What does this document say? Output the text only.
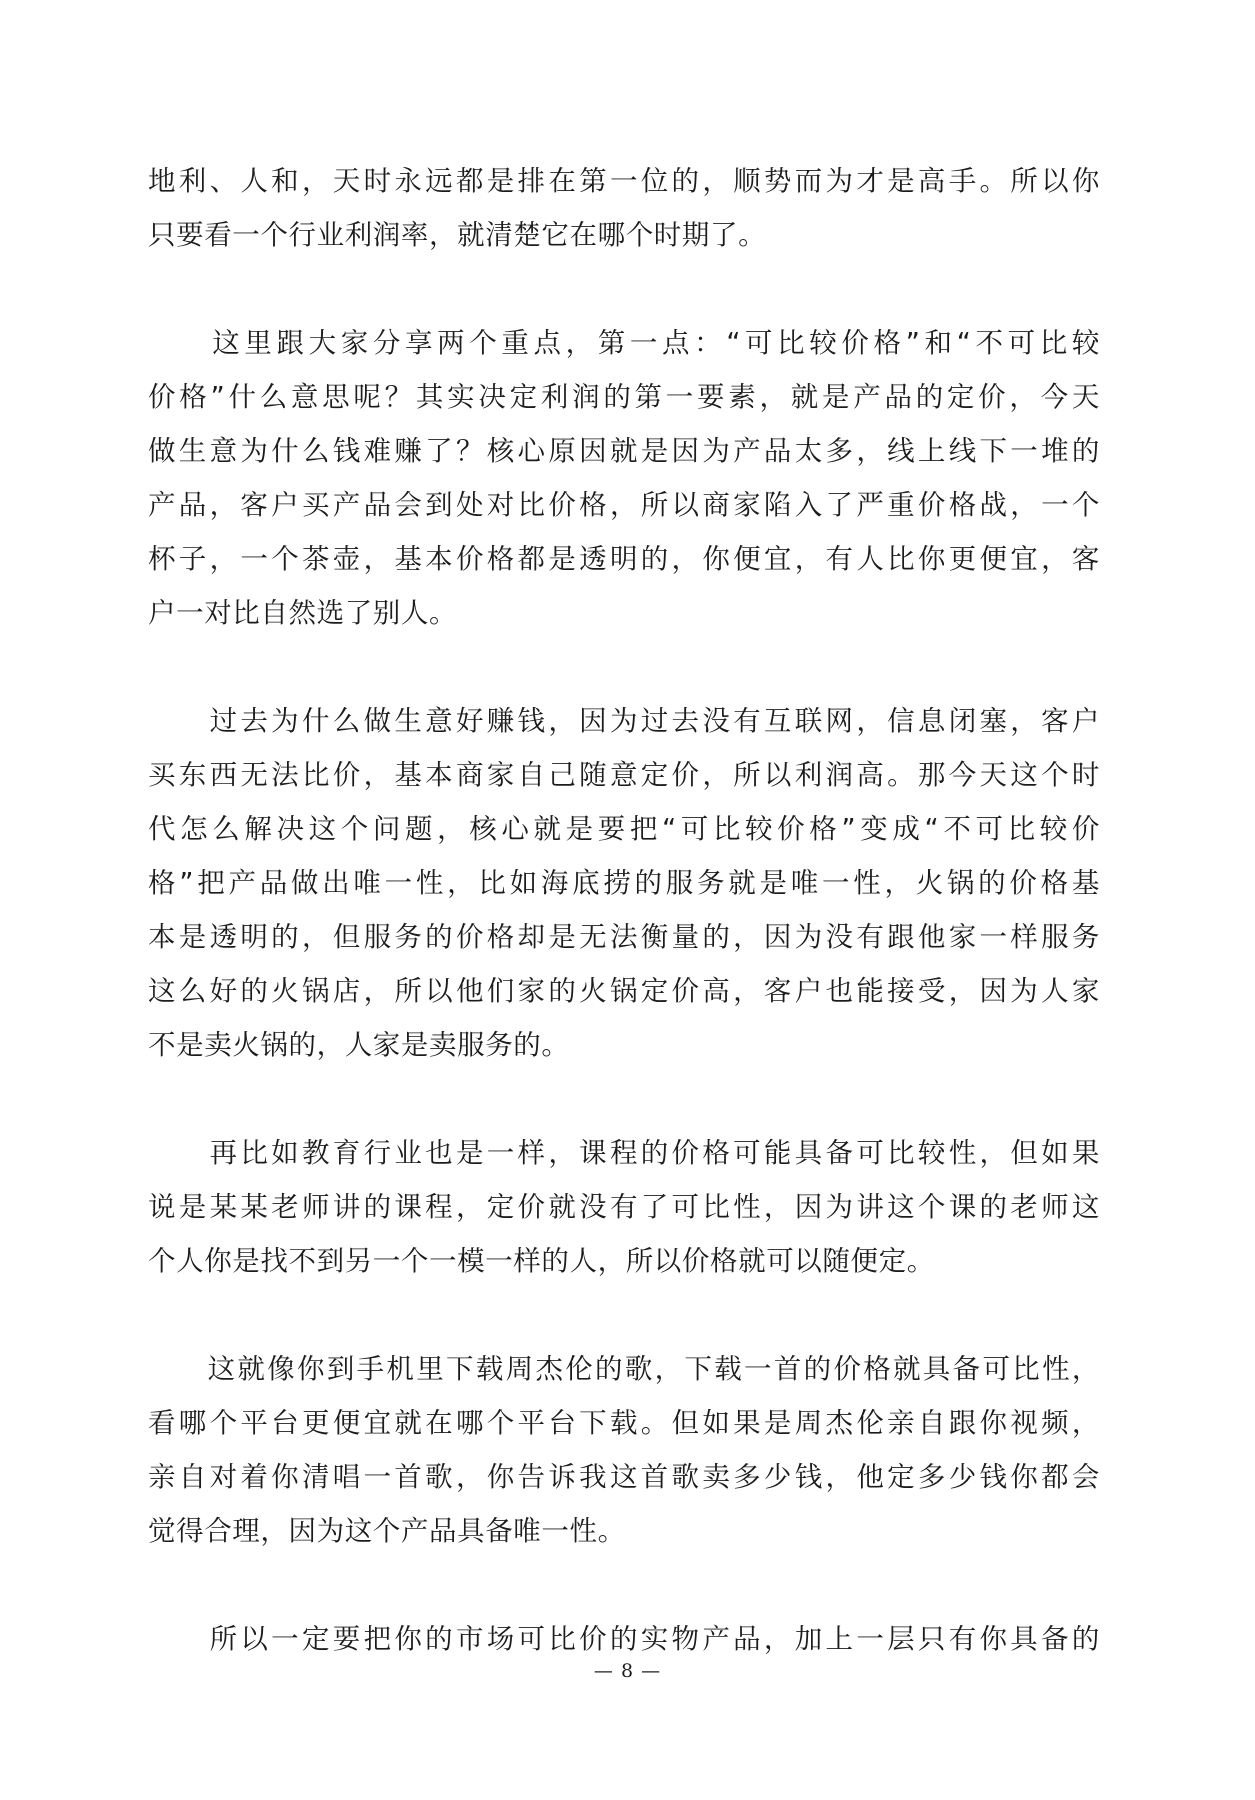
地利、人和，天时永远都是排在第一位的，顺势而为才是高手。所以你
只要看一个行业利润率，就清楚它在哪个时期了。

　　这里跟大家分享两个重点，第一点：“可比较价格”和“不可比较
价格”什么意思呢？其实决定利润的第一要素，就是产品的定价，今天
做生意为什么钱难赚了？核心原因就是因为产品太多，线上线下一堆的
产品，客户买产品会到处对比价格，所以商家陷入了严重价格战，一个
杯子，一个茶壶，基本价格都是透明的，你便宜，有人比你更便宜，客
户一对比自然选了别人。

　　过去为什么做生意好赚钱，因为过去没有互联网，信息闭塞，客户
买东西无法比价，基本商家自己随意定价，所以利润高。那今天这个时
代怎么解决这个问题，核心就是要把“可比较价格”变成“不可比较价
格”把产品做出唯一性，比如海底捞的服务就是唯一性，火锅的价格基
本是透明的，但服务的价格却是无法衡量的，因为没有跟他家一样服务
这么好的火锅店，所以他们家的火锅定价高，客户也能接受，因为人家
不是卖火锅的，人家是卖服务的。

　　再比如教育行业也是一样，课程的价格可能具备可比较性，但如果
说是某某老师讲的课程，定价就没有了可比性，因为讲这个课的老师这
个人你是找不到另一个一模一样的人，所以价格就可以随便定。

　　这就像你到手机里下载周杰伦的歌，下载一首的价格就具备可比性，
看哪个平台更便宜就在哪个平台下载。但如果是周杰伦亲自跟你视频，
亲自对着你清唱一首歌，你告诉我这首歌卖多少钱，他定多少钱你都会
觉得合理，因为这个产品具备唯一性。

　　所以一定要把你的市场可比价的实物产品，加上一层只有你具备的

— 8 —
